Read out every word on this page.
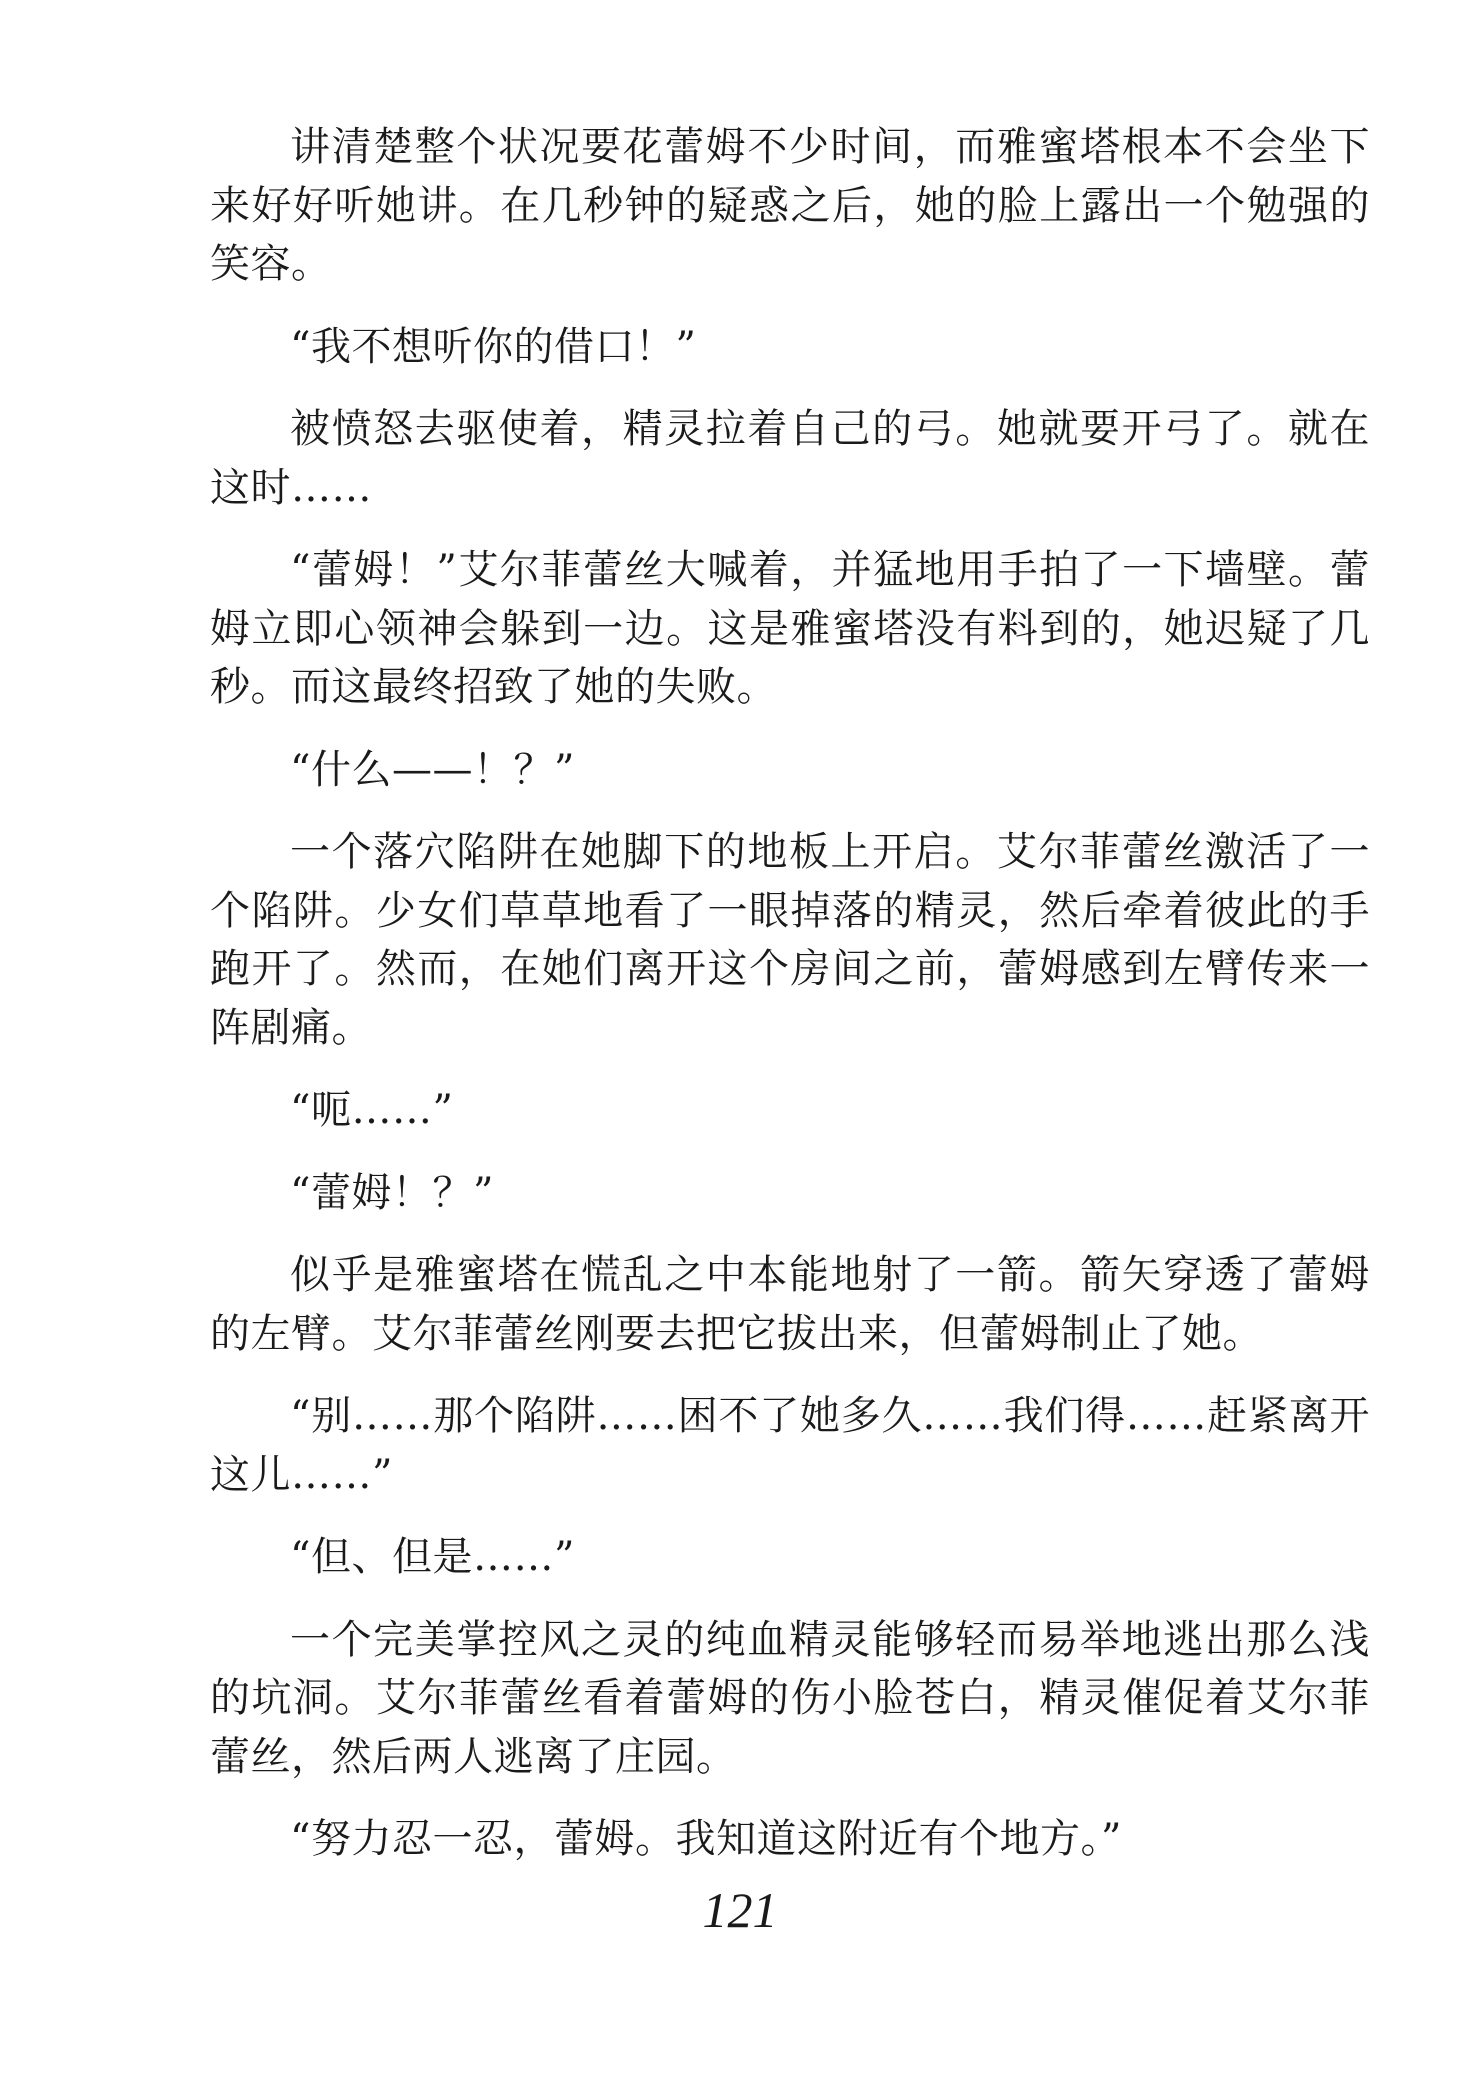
讲清楚整个状况要花蕾姆不少时间，而雅蜜塔根本不会坐下来好好听她讲。在几秒钟的疑惑之后，她的脸上露出一个勉强的笑容。

“我不想听你的借口！”

被愤怒去驱使着，精灵拉着自己的弓。她就要开弓了。就在这时……

“蕾姆！”艾尔菲蕾丝大喊着，并猛地用手拍了一下墙壁。蕾姆立即心领神会躲到一边。这是雅蜜塔没有料到的，她迟疑了几秒。而这最终招致了她的失败。

“什么——！？”

一个落穴陷阱在她脚下的地板上开启。艾尔菲蕾丝激活了一个陷阱。少女们草草地看了一眼掉落的精灵，然后牵着彼此的手跑开了。然而，在她们离开这个房间之前，蕾姆感到左臂传来一阵剧痛。

“呃……”

“蕾姆！？”

似乎是雅蜜塔在慌乱之中本能地射了一箭。箭矢穿透了蕾姆的左臂。艾尔菲蕾丝刚要去把它拔出来，但蕾姆制止了她。

“别……那个陷阱……困不了她多久……我们得……赶紧离开这儿……”

“但、但是……”

一个完美掌控风之灵的纯血精灵能够轻而易举地逃出那么浅的坑洞。艾尔菲蕾丝看着蕾姆的伤小脸苍白，精灵催促着艾尔菲蕾丝，然后两人逃离了庄园。

“努力忍一忍，蕾姆。我知道这附近有个地方。”

121
